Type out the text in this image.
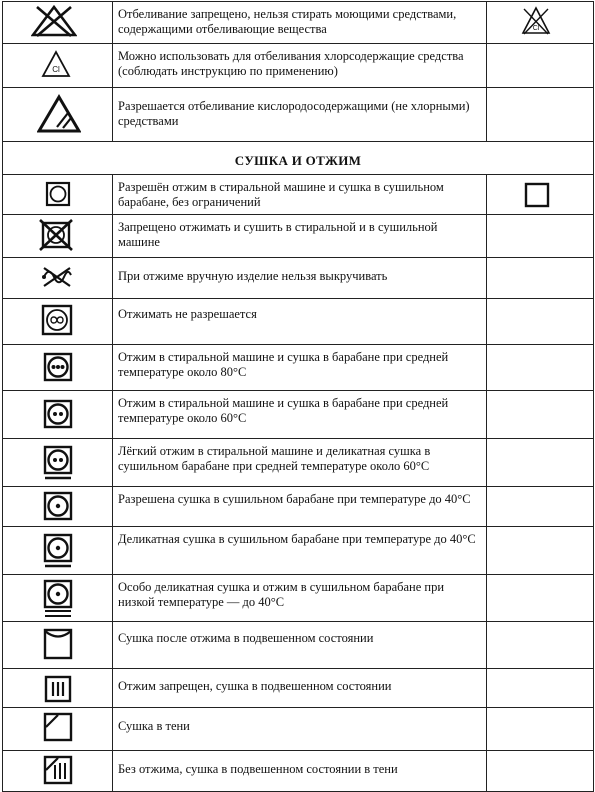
	Отбеливание запрещено, нельзя стирать моющими средствами, содержащими отбеливающие вещества	Cl

Cl	Можно использовать для отбеливания хлорсодержащие средства (соблюдать инструкцию по применению)	

	Разрешается отбеливание кислородосодержащими (не хлорными) средствами	
СУШКА И ОТЖИМ		

	Разрешён отжим в стиральной машине и сушка в сушильном барабане, без ограничений	

	Запрещено отжимать и сушить в стиральной и в сушильной машине	

	При отжиме вручную изделие нельзя выкручивать	

	Отжимать не разрешается	

	Отжим в стиральной машине и сушка в барабане при средней температуре около 80°С	

	Отжим в стиральной машине и сушка в барабане при средней температуре около 60°С	

	Лёгкий отжим в стиральной машине и деликатная сушка в сушильном барабане при средней температуре около 60°С	

	Разрешена сушка в сушильном барабане при температуре до 40°С	

	Деликатная сушка в сушильном барабане при температуре до 40°С	

	Особо деликатная сушка и отжим в сушильном барабане при низкой температуре — до 40°С	

	Сушка после отжима в подвешенном состоянии	

	Отжим запрещен, сушка в подвешенном состоянии	

	Сушка в тени	

	Без отжима, сушка в подвешенном состоянии в тени	
